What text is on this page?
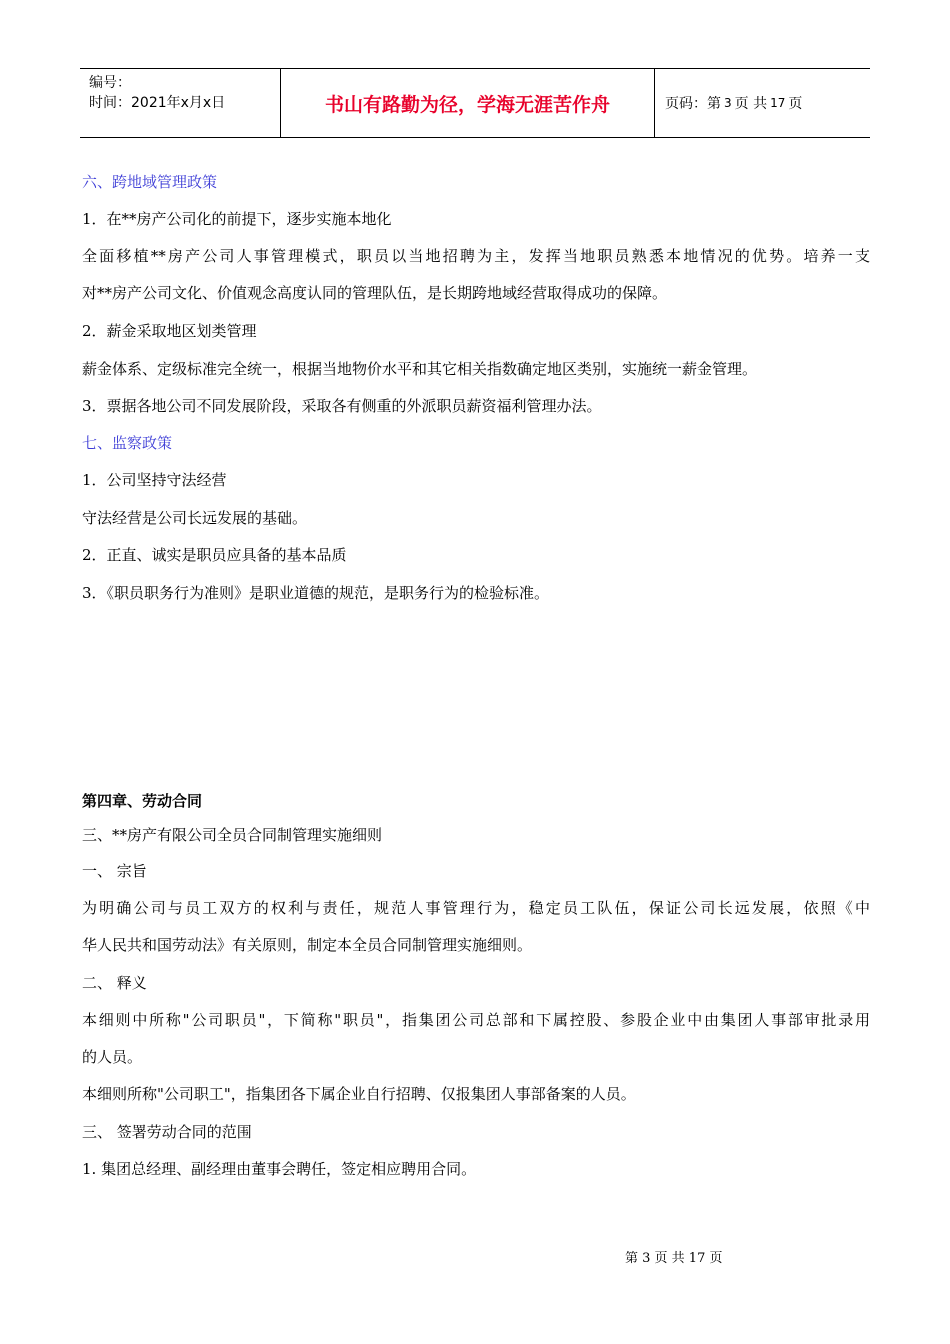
编号：
时间：2021年x月x日	书山有路勤为径，学海无涯苦作舟	页码：第 3 页 共 17 页
六、跨地域管理政策
1．在**房产公司化的前提下，逐步实施本地化
全面移植**房产公司人事管理模式，职员以当地招聘为主，发挥当地职员熟悉本地情况的优势。培养一支
对**房产公司文化、价值观念高度认同的管理队伍，是长期跨地域经营取得成功的保障。
2．薪金采取地区划类管理
薪金体系、定级标准完全统一，根据当地物价水平和其它相关指数确定地区类别，实施统一薪金管理。
3．票据各地公司不同发展阶段，采取各有侧重的外派职员薪资福利管理办法。
七、监察政策
1．公司坚持守法经营
守法经营是公司长远发展的基础。
2．正直、诚实是职员应具备的基本品质
3．《职员职务行为准则》是职业道德的规范，是职务行为的检验标准。
第四章、劳动合同
三、**房产有限公司全员合同制管理实施细则
一、 宗旨
为明确公司与员工双方的权利与责任，规范人事管理行为，稳定员工队伍，保证公司长远发展，依照《中
华人民共和国劳动法》有关原则，制定本全员合同制管理实施细则。
二、 释义
本细则中所称"公司职员"，下简称"职员"，指集团公司总部和下属控股、参股企业中由集团人事部审批录用
的人员。
本细则所称"公司职工"，指集团各下属企业自行招聘、仅报集团人事部备案的人员。
三、 签署劳动合同的范围
1. 集团总经理、副经理由董事会聘任，签定相应聘用合同。
第 3 页 共 17 页
